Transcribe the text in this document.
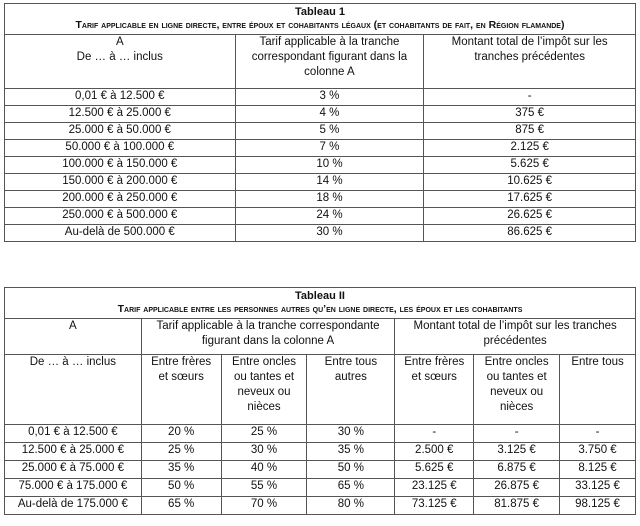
Tableau 1
Tarif applicable en ligne directe, entre époux et cohabitants légaux (et cohabitants de fait, en Région flamande)		

A
De … à … inclus	Tarif applicable à la tranche correspondant figurant dans la colonne A	Montant total de l’impôt sur les tranches précédentes
0,01 € à 12.500 €	3 %	-
12.500 € à 25.000 €	4 %	375 €
25.000 € à 50.000 €	5 %	875 €
50.000 € à 100.000 €	7 %	2.125 €
100.000 € à 150.000 €	10 %	5.625 €
150.000 € à 200.000 €	14 %	10.625 €
200.000 € à 250.000 €	18 %	17.625 €
250.000 € à 500.000 €	24 %	26.625 €
Au-delà de 500.000 €	30 %	86.625 €
Tableau II
Tarif applicable entre les personnes autres qu’en ligne directe, les époux et les cohabitants						

A	Tarif applicable à la tranche correspondante figurant dans la colonne A			Montant total de l’impôt sur les tranches précédentes		
De … à … inclus	Entre frères et sœurs	Entre oncles ou tantes et neveux ou nièces	Entre tous autres	Entre frères et sœurs	Entre oncles ou tantes et neveux ou nièces	Entre tous
0,01 € à 12.500 €	20 %	25 %	30 %	-	-	-
12.500 € à 25.000 €	25 %	30 %	35 %	2.500 €	3.125 €	3.750 €
25.000 € à 75.000 €	35 %	40 %	50 %	5.625 €	6.875 €	8.125 €
75.000 € à 175.000 €	50 %	55 %	65 %	23.125 €	26.875 €	33.125 €
Au-delà de 175.000 €	65 %	70 %	80 %	73.125 €	81.875 €	98.125 €
